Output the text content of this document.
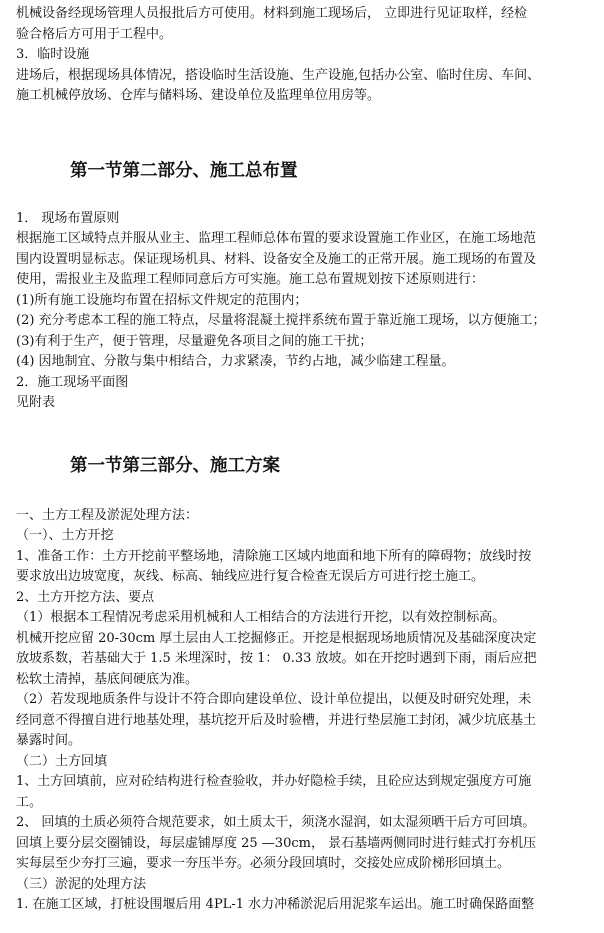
机械设备经现场管理人员报批后方可使用。材料到施工现场后， 立即进行见证取样，经检
验合格后方可用于工程中。
3．临时设施
进场后，根据现场具体情况，搭设临时生活设施、生产设施,包括办公室、临时住房、车间、
施工机械停放场、仓库与储料场、建设单位及监理单位用房等。
第一节第二部分、施工总布置
1． 现场布置原则
根据施工区域特点并服从业主、监理工程师总体布置的要求设置施工作业区，在施工场地范
围内设置明显标志。保证现场机具、材料、设备安全及施工的正常开展。施工现场的布置及
使用，需报业主及监理工程师同意后方可实施。施工总布置规划按下述原则进行：
(1)所有施工设施均布置在招标文件规定的范围内；
(2) 充分考虑本工程的施工特点，尽量将混凝土搅拌系统布置于靠近施工现场，以方便施工；
(3)有利于生产，便于管理，尽量避免各项目之间的施工干扰；
(4) 因地制宜、分散与集中相结合，力求紧凑，节约占地，减少临建工程量。
2．施工现场平面图
见附表
第一节第三部分、施工方案
一、土方工程及淤泥处理方法：
（一）、土方开挖
1、准备工作：土方开挖前平整场地，清除施工区域内地面和地下所有的障碍物；放线时按
要求放出边坡宽度，灰线、标高、轴线应进行复合检查无误后方可进行挖土施工。
2、土方开挖方法、要点
（1）根据本工程情况考虑采用机械和人工相结合的方法进行开挖，以有效控制标高。
机械开挖应留 20-30cm 厚土层由人工挖掘修正。开挖是根据现场地质情况及基础深度决定
放坡系数，若基础大于 1.5 米埋深时，按 1： 0.33 放坡。如在开挖时遇到下雨，雨后应把
松软土清掉，基底间硬底为准。
（2）若发现地质条件与设计不符合即向建设单位、设计单位提出，以便及时研究处理，未
经同意不得擅自进行地基处理，基坑挖开后及时验槽，并进行垫层施工封闭，减少坑底基土
暴露时间。
（二）土方回填
1、土方回填前，应对砼结构进行检查验收，并办好隐检手续，且砼应达到规定强度方可施
工。
2、 回填的土质必须符合规范要求，如土质太干，须浇水湿润，如太湿须晒干后方可回填。
回填上要分层交圈铺设，每层虚铺厚度 25 —30cm， 景石基墙两侧同时进行蛙式打夯机压
实每层至少夯打三遍，要求一夯压半夯。必须分段回填时，交接处应成阶梯形回填土。
（三）淤泥的处理方法
1. 在施工区域，打桩设围堰后用 4PL-1 水力冲稀淤泥后用泥浆车运出。施工时确保路面整
